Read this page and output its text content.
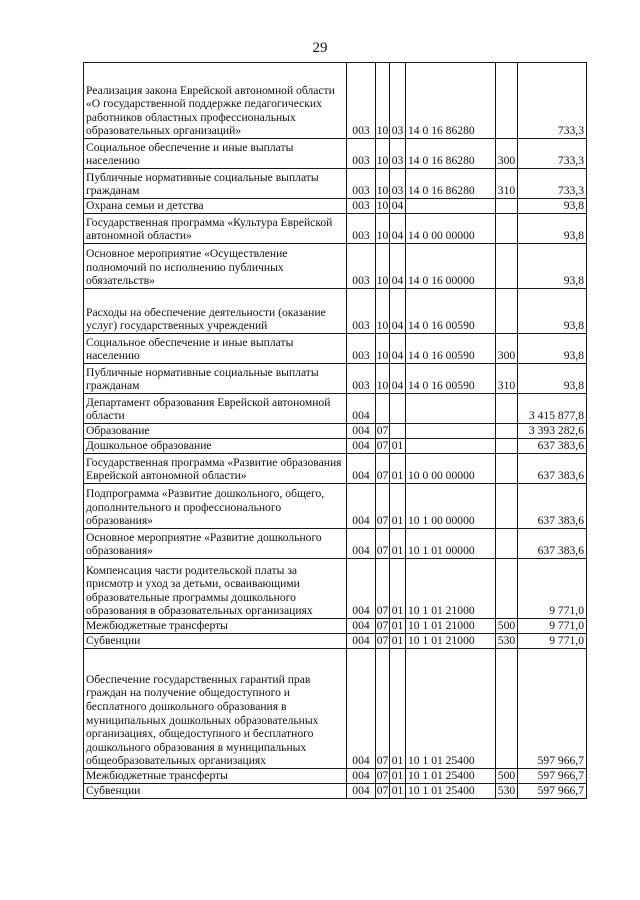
29
Реализация закона Еврейской автономной области «О государственной поддержке педагогических работников областных профессиональных образовательных организаций»	003	10	03	14 0 16 86280		733,3
Социальное обеспечение и иные выплаты населению	003	10	03	14 0 16 86280	300	733,3
Публичные нормативные социальные выплаты гражданам	003	10	03	14 0 16 86280	310	733,3
Охрана семьи и детства	003	10	04			93,8
Государственная программа «Культура Еврейской автономной области»	003	10	04	14 0 00 00000		93,8
Основное мероприятие «Осуществление полномочий по исполнению публичных обязательств»	003	10	04	14 0 16 00000		93,8
Расходы на обеспечение деятельности (оказание услуг) государственных учреждений	003	10	04	14 0 16 00590		93,8
Социальное обеспечение и иные выплаты населению	003	10	04	14 0 16 00590	300	93,8
Публичные нормативные социальные выплаты гражданам	003	10	04	14 0 16 00590	310	93,8
Департамент образования Еврейской автономной области	004					3 415 877,8
Образование	004	07				3 393 282,6
Дошкольное образование	004	07	01			637 383,6
Государственная программа «Развитие образования Еврейской автономной области»	004	07	01	10 0 00 00000		637 383,6
Подпрограмма «Развитие дошкольного, общего, дополнительного и профессионального образования»	004	07	01	10 1 00 00000		637 383,6
Основное мероприятие «Развитие дошкольного образования»	004	07	01	10 1 01 00000		637 383,6
Компенсация части родительской платы за присмотр и уход за детьми, осваивающими образовательные программы дошкольного образования в образовательных организациях	004	07	01	10 1 01 21000		9 771,0
Межбюджетные трансферты	004	07	01	10 1 01 21000	500	9 771,0
Субвенции	004	07	01	10 1 01 21000	530	9 771,0
Обеспечение государственных гарантий прав граждан на получение общедоступного и бесплатного дошкольного образования в муниципальных дошкольных образовательных организациях, общедоступного и бесплатного дошкольного образования в муниципальных общеобразовательных организациях	004	07	01	10 1 01 25400		597 966,7
Межбюджетные трансферты	004	07	01	10 1 01 25400	500	597 966,7
Субвенции	004	07	01	10 1 01 25400	530	597 966,7
